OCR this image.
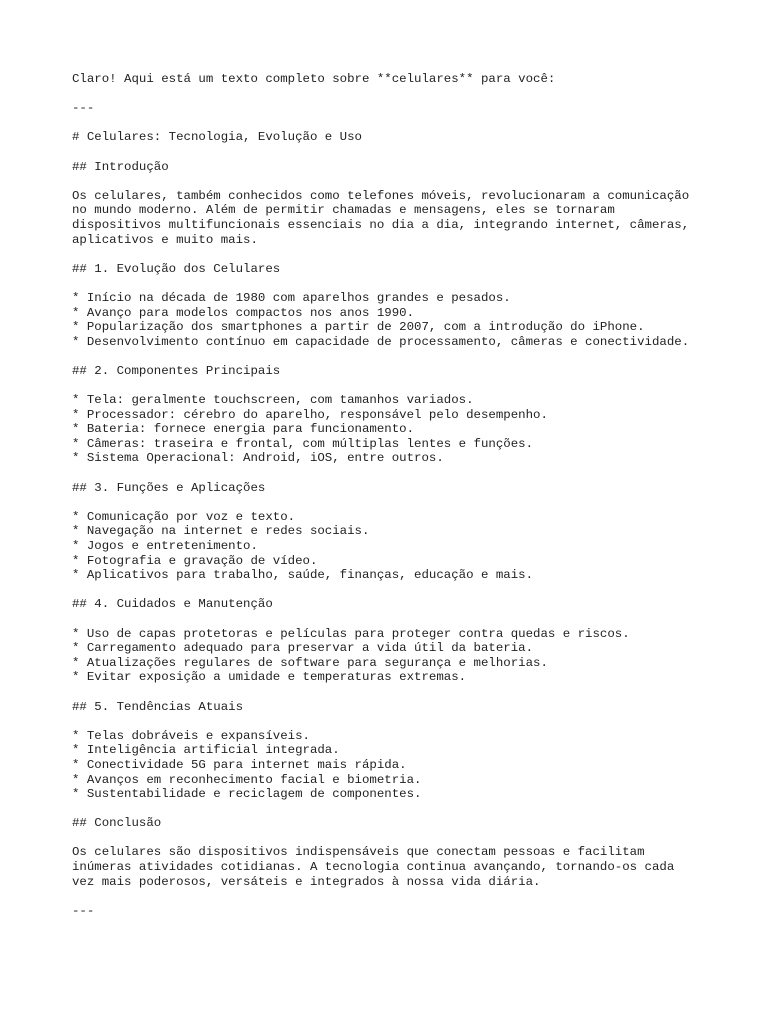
Claro! Aqui está um texto completo sobre **celulares** para você:
---
# Celulares: Tecnologia, Evolução e Uso
## Introdução
Os celulares, também conhecidos como telefones móveis, revolucionaram a comunicação
no mundo moderno. Além de permitir chamadas e mensagens, eles se tornaram
dispositivos multifuncionais essenciais no dia a dia, integrando internet, câmeras,
aplicativos e muito mais.
## 1. Evolução dos Celulares
* Início na década de 1980 com aparelhos grandes e pesados.
* Avanço para modelos compactos nos anos 1990.
* Popularização dos smartphones a partir de 2007, com a introdução do iPhone.
* Desenvolvimento contínuo em capacidade de processamento, câmeras e conectividade.
## 2. Componentes Principais
* Tela: geralmente touchscreen, com tamanhos variados.
* Processador: cérebro do aparelho, responsável pelo desempenho.
* Bateria: fornece energia para funcionamento.
* Câmeras: traseira e frontal, com múltiplas lentes e funções.
* Sistema Operacional: Android, iOS, entre outros.
## 3. Funções e Aplicações
* Comunicação por voz e texto.
* Navegação na internet e redes sociais.
* Jogos e entretenimento.
* Fotografia e gravação de vídeo.
* Aplicativos para trabalho, saúde, finanças, educação e mais.
## 4. Cuidados e Manutenção
* Uso de capas protetoras e películas para proteger contra quedas e riscos.
* Carregamento adequado para preservar a vida útil da bateria.
* Atualizações regulares de software para segurança e melhorias.
* Evitar exposição a umidade e temperaturas extremas.
## 5. Tendências Atuais
* Telas dobráveis e expansíveis.
* Inteligência artificial integrada.
* Conectividade 5G para internet mais rápida.
* Avanços em reconhecimento facial e biometria.
* Sustentabilidade e reciclagem de componentes.
## Conclusão
Os celulares são dispositivos indispensáveis que conectam pessoas e facilitam
inúmeras atividades cotidianas. A tecnologia continua avançando, tornando-os cada
vez mais poderosos, versáteis e integrados à nossa vida diária.
---
